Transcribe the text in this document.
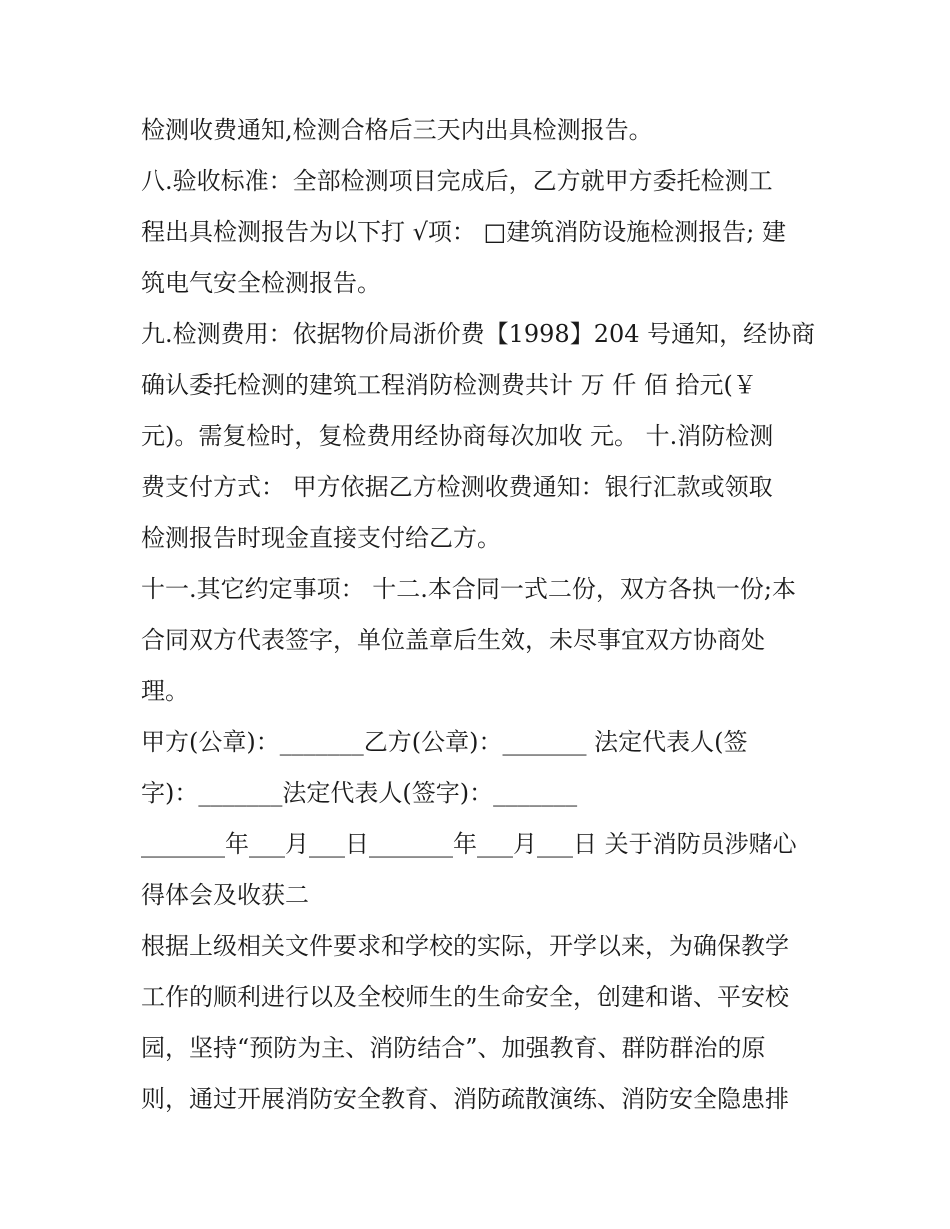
检测收费通知,检测合格后三天内出具检测报告。
八.验收标准：全部检测项目完成后，乙方就甲方委托检测工
程出具检测报告为以下打 √项： □建筑消防设施检测报告; 建
筑电气安全检测报告。
九.检测费用：依据物价局浙价费【1998】204 号通知，经协商
确认委托检测的建筑工程消防检测费共计 万 仟 佰 拾元(￥
元)。需复检时，复检费用经协商每次加收 元。 十.消防检测
费支付方式： 甲方依据乙方检测收费通知：银行汇款或领取
检测报告时现金直接支付给乙方。
十一.其它约定事项： 十二.本合同一式二份，双方各执一份;本
合同双方代表签字，单位盖章后生效，未尽事宜双方协商处
理。
甲方(公章)：_______乙方(公章)：_______ 法定代表人(签
字)：_______法定代表人(签字)：_______
_______年___月___日_______年___月___日 关于消防员涉赌心
得体会及收获二
根据上级相关文件要求和学校的实际，开学以来，为确保教学
工作的顺利进行以及全校师生的生命安全，创建和谐、平安校
园，坚持“预防为主、消防结合”、加强教育、群防群治的原
则，通过开展消防安全教育、消防疏散演练、消防安全隐患排
